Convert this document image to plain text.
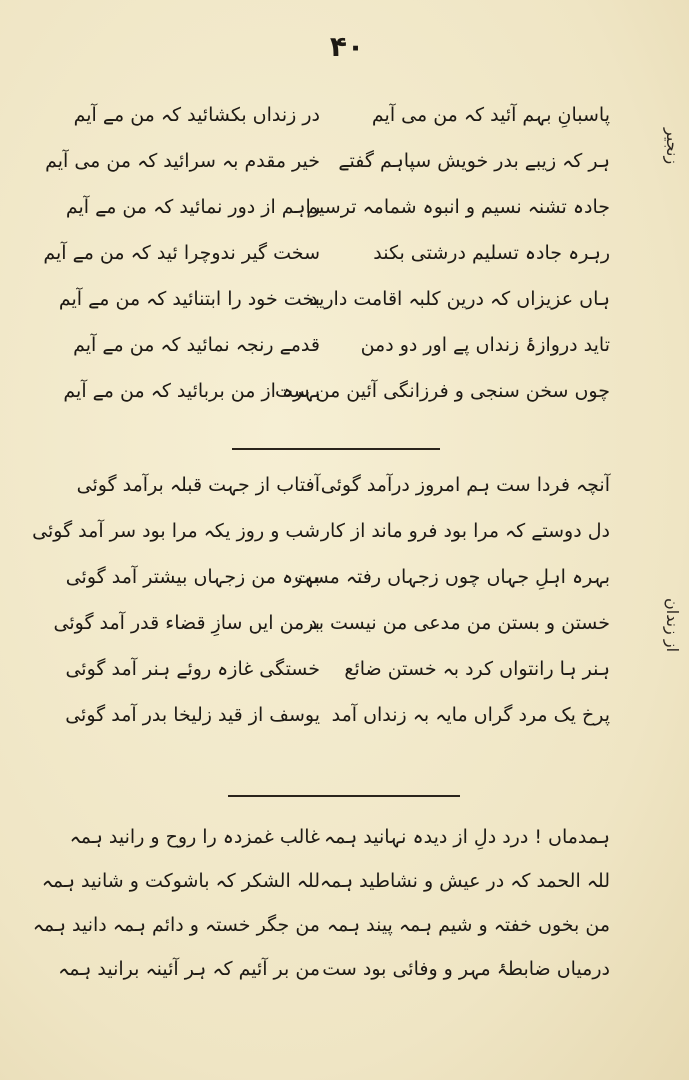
۴۰
زنجیر
از زندان
پاسبانِ بہم آئید کہ من می آیم
ہر کہ زیبے بدر خویش سپاہم گفتے
جادہ تشنہ نسیم و انبوہ شمامہ ترسیم
رہرہ جادہ تسلیم درشتی بکند
ہاں عزیزاں کہ درین کلبہ اقامت دارید
تاید دروازۂ زنداں پے اور دو دمن
چوں سخن سنجی و فرزانگی آئین من ست
در زنداں بکشائید کہ من مے آیم
خیر مقدم بہ سرائید کہ من می آیم
راہم از دور نمائید کہ من مے آیم
سخت گیر ندوچرا ئید کہ من مے آیم
بخت خود را ابتنائید کہ من مے آیم
قدمے رنجہ نمائید کہ من مے آیم
بہرہ از من بربائید کہ من مے آیم
آنچہ فردا ست ہم امروز درآمد گوئی
دل دوستے کہ مرا بود فرو ماند از کار
بہرہ اہلِ جہاں چوں زجہاں رفتہ مست
خستن و بستن من مدعی من نیست بد
ہنر ہا رانتواں کرد بہ خستن ضائع
پرخ یک مرد گراں مایہ بہ زنداں آمد
آفتاب از جہت قبلہ برآمد گوئی
شب و روز یکہ مرا بود سر آمد گوئی
بہرہ من زجہاں بیشتر آمد گوئی
برمن ایں سازِ قضاء قدر آمد گوئی
خستگی غازہ روئے ہنر آمد گوئی
یوسف از قید زلیخا بدر آمد گوئی
ہمدماں ! درد دلِ از دیدہ نہانید ہمہ
للہ الحمد کہ در عیش و نشاطید ہمہ
من بخوں خفتہ و شیم ہمہ پیند ہمہ
درمیاں ضابطۂ مہر و وفائی بود ست
غالب غمزدہ را روح و رانید ہمہ
للہ الشکر کہ باشوکت و شانید ہمہ
من جگر خستہ و دائم ہمہ دانید ہمہ
من بر آئیم کہ ہر آئینہ برانید ہمہ
